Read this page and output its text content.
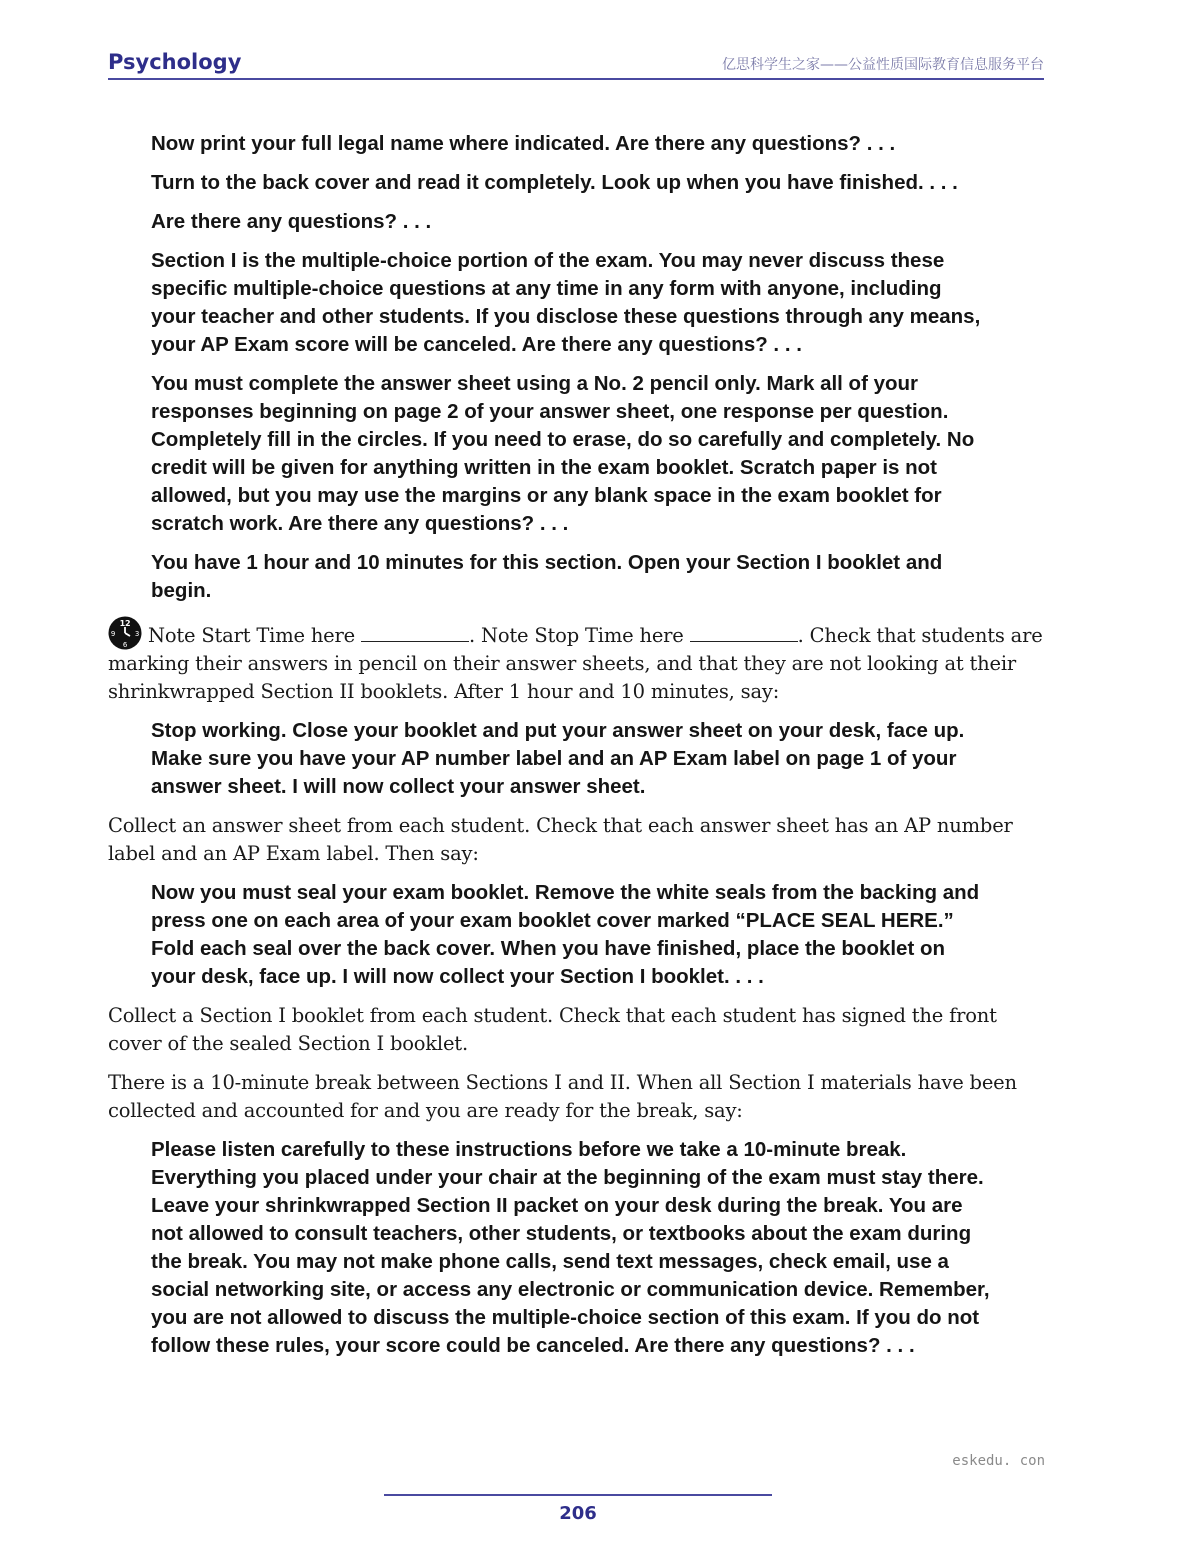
Psychology	亿思科学生之家——公益性质国际教育信息服务平台

Now print your full legal name where indicated. Are there any questions? . . .

Turn to the back cover and read it completely. Look up when you have finished. . . .

Are there any questions? . . .

Section I is the multiple-choice portion of the exam. You may never discuss these specific multiple-choice questions at any time in any form with anyone, including your teacher and other students. If you disclose these questions through any means, your AP Exam score will be canceled. Are there any questions? . . .

You must complete the answer sheet using a No. 2 pencil only. Mark all of your responses beginning on page 2 of your answer sheet, one response per question. Completely fill in the circles. If you need to erase, do so carefully and completely. No credit will be given for anything written in the exam booklet. Scratch paper is not allowed, but you may use the margins or any blank space in the exam booklet for scratch work. Are there any questions? . . .

You have 1 hour and 10 minutes for this section. Open your Section I booklet and begin.

12
3
6
9 Note Start Time here	. Note Stop Time here	. Check that students are marking their answers in pencil on their answer sheets, and that they are not looking at their shrinkwrapped Section II booklets. After 1 hour and 10 minutes, say:

Stop working. Close your booklet and put your answer sheet on your desk, face up. Make sure you have your AP number label and an AP Exam label on page 1 of your answer sheet. I will now collect your answer sheet.

Collect an answer sheet from each student. Check that each answer sheet has an AP number label and an AP Exam label. Then say:

Now you must seal your exam booklet. Remove the white seals from the backing and press one on each area of your exam booklet cover marked “PLACE SEAL HERE.” Fold each seal over the back cover. When you have finished, place the booklet on your desk, face up. I will now collect your Section I booklet. . . .

Collect a Section I booklet from each student. Check that each student has signed the front cover of the sealed Section I booklet.

There is a 10-minute break between Sections I and II. When all Section I materials have been collected and accounted for and you are ready for the break, say:

Please listen carefully to these instructions before we take a 10-minute break. Everything you placed under your chair at the beginning of the exam must stay there. Leave your shrinkwrapped Section II packet on your desk during the break. You are not allowed to consult teachers, other students, or textbooks about the exam during the break. You may not make phone calls, send text messages, check email, use a social networking site, or access any electronic or communication device. Remember, you are not allowed to discuss the multiple-choice section of this exam. If you do not follow these rules, your score could be canceled. Are there any questions? . . .

eskedu. con
206
